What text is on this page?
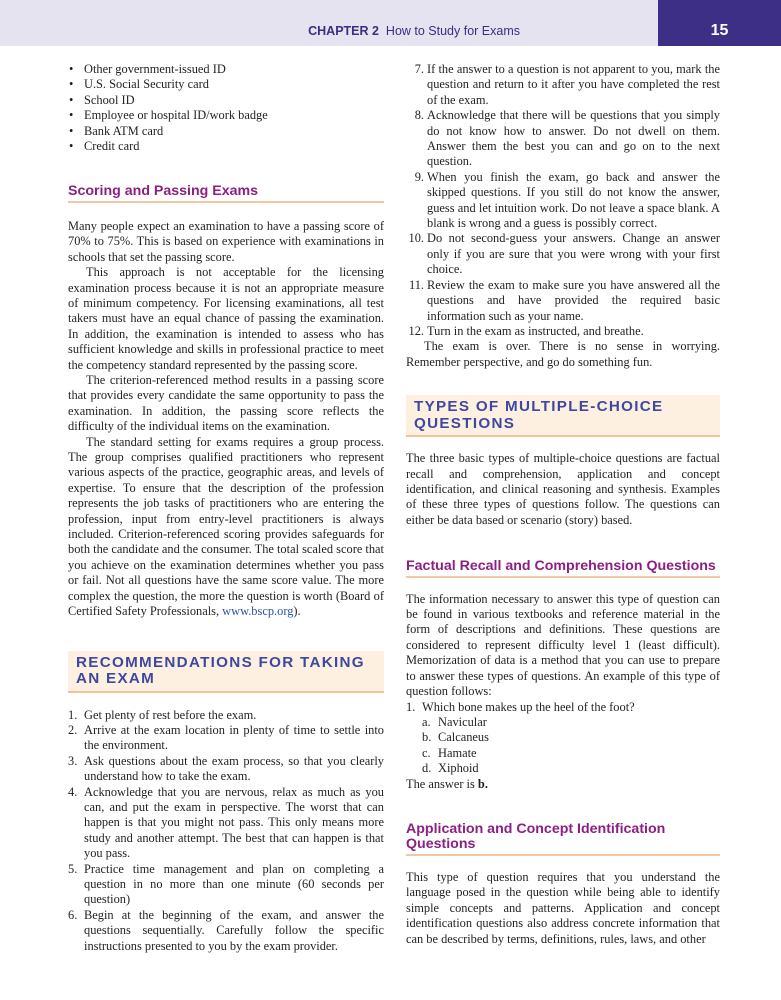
CHAPTER 2 How to Study for Exams	15
• Other government-issued ID
• U.S. Social Security card
• School ID
• Employee or hospital ID/work badge
• Bank ATM card
• Credit card
Scoring and Passing Exams

Many people expect an examination to have a passing score of 70% to 75%. This is based on experience with examinations in schools that set the passing score.

This approach is not acceptable for the licensing examination process because it is not an appropriate measure of minimum competency. For licensing examinations, all test takers must have an equal chance of passing the examination. In addition, the examination is intended to assess who has sufficient knowledge and skills in professional practice to meet the competency standard represented by the passing score.

The criterion-referenced method results in a passing score that provides every candidate the same opportunity to pass the examination. In addition, the passing score reflects the difficulty of the individual items on the examination.

The standard setting for exams requires a group process. The group comprises qualified practitioners who represent various aspects of the practice, geographic areas, and levels of expertise. To ensure that the description of the profession represents the job tasks of practitioners who are entering the profession, input from entry-level practitioners is always included. Criterion-referenced scoring provides safeguards for both the candidate and the consumer. The total scaled score that you achieve on the examination determines whether you pass or fail. Not all questions have the same score value. The more complex the question, the more the question is worth (Board of Certified Safety Professionals, www.bscp.org).

RECOMMENDATIONS FOR TAKING AN EXAM
1. Get plenty of rest before the exam.
2. Arrive at the exam location in plenty of time to settle into the environment.
3. Ask questions about the exam process, so that you clearly understand how to take the exam.
4. Acknowledge that you are nervous, relax as much as you can, and put the exam in perspective. The worst that can happen is that you might not pass. This only means more study and another attempt. The best that can happen is that you pass.
5. Practice time management and plan on completing a question in no more than one minute (60 seconds per question)
6. Begin at the beginning of the exam, and answer the questions sequentially. Carefully follow the specific instructions presented to you by the exam provider.
7. If the answer to a question is not apparent to you, mark the question and return to it after you have completed the rest of the exam.
8. Acknowledge that there will be questions that you simply do not know how to answer. Do not dwell on them. Answer them the best you can and go on to the next question.
9. When you finish the exam, go back and answer the skipped questions. If you still do not know the answer, guess and let intuition work. Do not leave a space blank. A blank is wrong and a guess is possibly correct.
10. Do not second-guess your answers. Change an answer only if you are sure that you were wrong with your first choice.
11. Review the exam to make sure you have answered all the questions and have provided the required basic information such as your name.
12. Turn in the exam as instructed, and breathe.

The exam is over. There is no sense in worrying. Remember perspective, and go do something fun.

TYPES OF MULTIPLE-CHOICE QUESTIONS

The three basic types of multiple-choice questions are factual recall and comprehension, application and concept identification, and clinical reasoning and synthesis. Examples of these three types of questions follow. The questions can either be data based or scenario (story) based.

Factual Recall and Comprehension Questions

The information necessary to answer this type of question can be found in various textbooks and reference material in the form of descriptions and definitions. These questions are considered to represent difficulty level 1 (least difficult). Memorization of data is a method that you can use to prepare to answer these types of questions. An example of this type of question follows:

1. Which bone makes up the heel of the foot?
a. Navicular
b. Calcaneus
c. Hamate
d. Xiphoid

The answer is b.

Application and Concept Identification Questions

This type of question requires that you understand the language posed in the question while being able to identify simple concepts and patterns. Application and concept identification questions also address concrete information that can be described by terms, definitions, rules, laws, and other
